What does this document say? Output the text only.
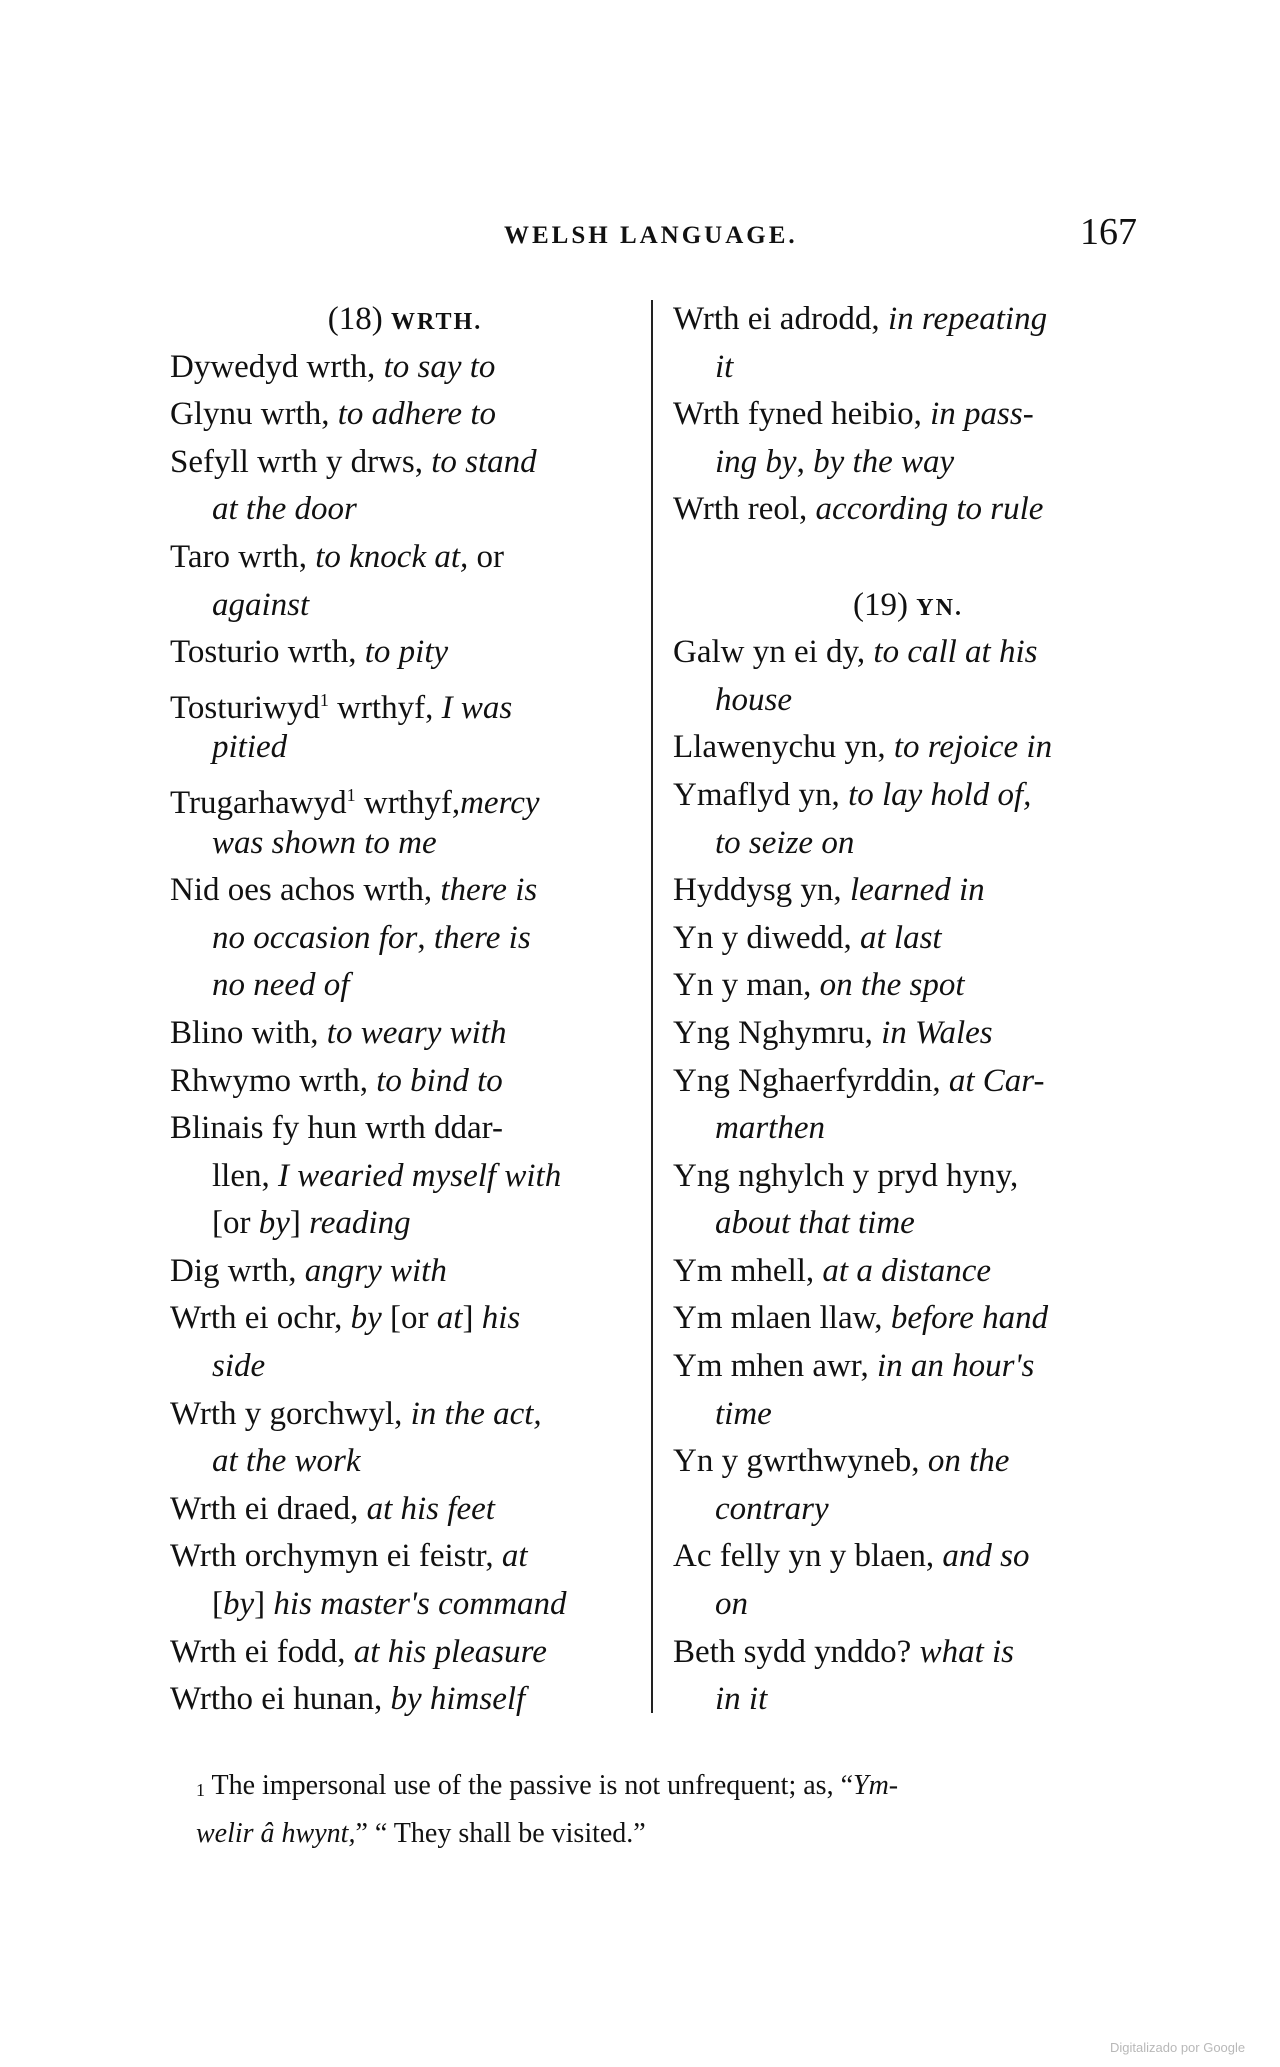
WELSH LANGUAGE.	167
(18) WRTH.
Dywedyd wrth, to say to
Glynu wrth, to adhere to
Sefyll wrth y drws, to stand
at the door
Taro wrth, to knock at, or
against
Tosturio wrth, to pity
Tosturiwyd$^1$ wrthyf, I was
pitied
Trugarhawyd$^1$ wrthyf,mercy
was shown to me
Nid oes achos wrth, there is
no occasion for, there is
no need of
Blino with, to weary with
Rhwymo wrth, to bind to
Blinais fy hun wrth ddar-
llen, I wearied myself with
[or by] reading
Dig wrth, angry with
Wrth ei ochr, by [or at] his
side
Wrth y gorchwyl, in the act,
at the work
Wrth ei draed, at his feet
Wrth orchymyn ei feistr, at
[by] his master's command
Wrth ei fodd, at his pleasure
Wrtho ei hunan, by himself
Wrth ei adrodd, in repeating
it
Wrth fyned heibio, in pass-
ing by, by the way
Wrth reol, according to rule
(19) YN.
Galw yn ei dy, to call at his
house
Llawenychu yn, to rejoice in
Ymaflyd yn, to lay hold of,
to seize on
Hyddysg yn, learned in
Yn y diwedd, at last
Yn y man, on the spot
Yng Nghymru, in Wales
Yng Nghaerfyrddin, at Car-
marthen
Yng nghylch y pryd hyny,
about that time
Ym mhell, at a distance
Ym mlaen llaw, before hand
Ym mhen awr, in an hour's
time
Yn y gwrthwyneb, on the
contrary
Ac felly yn y blaen, and so
on
Beth sydd ynddo? what is
in it
$^1$ The impersonal use of the passive is not unfrequent; as, “Ym-
welir â hwynt,” “ They shall be visited.”
Digitalizado por Google
